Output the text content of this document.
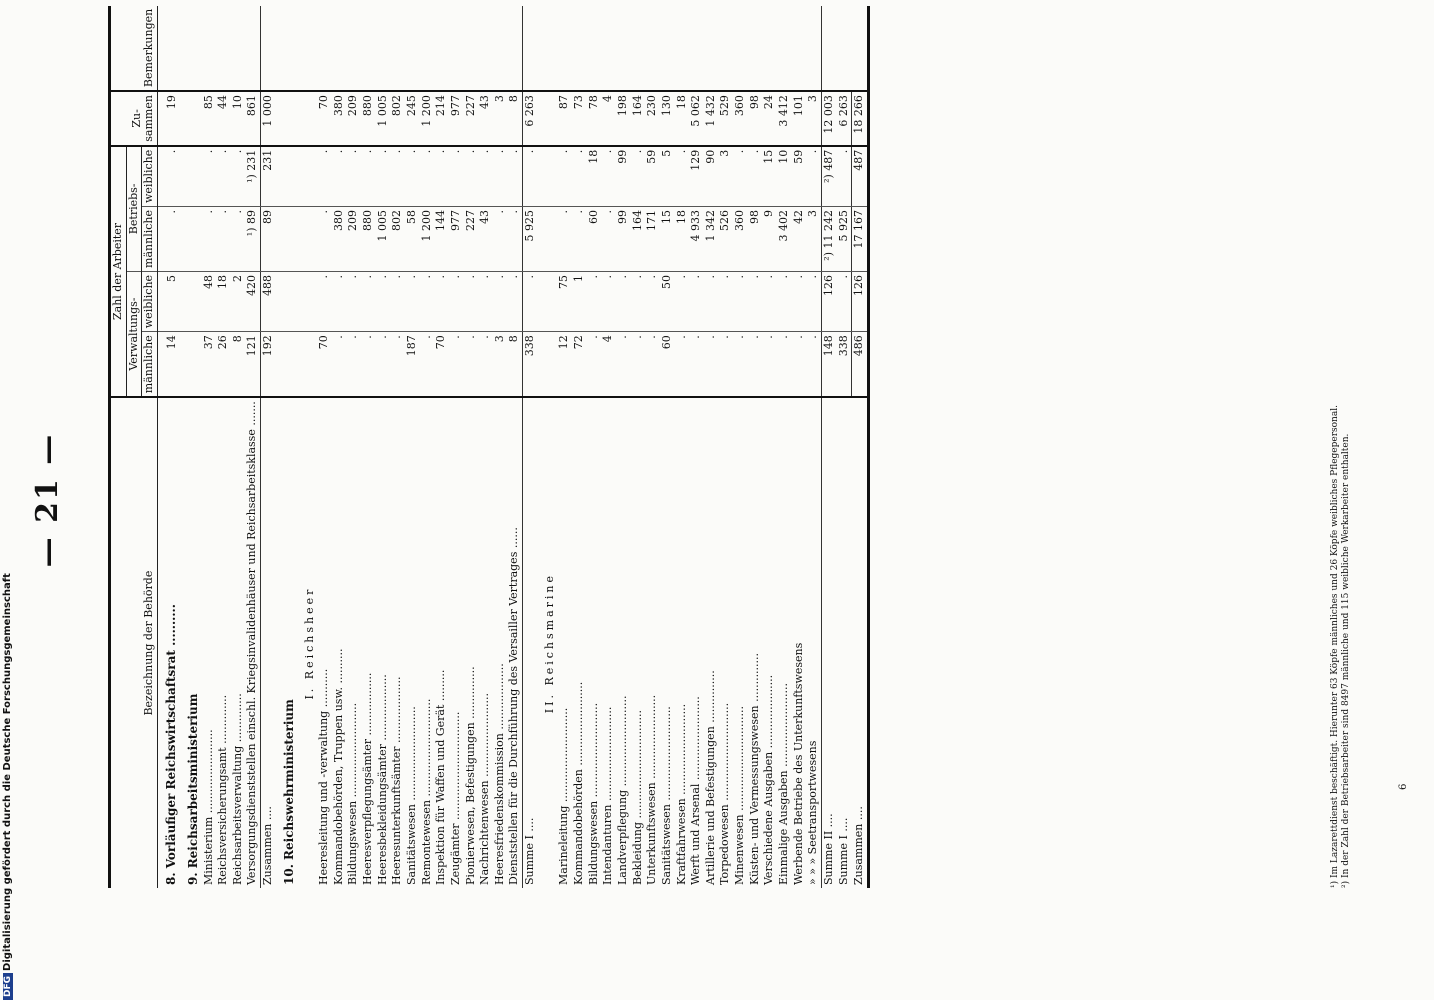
DFGDigitalisierung gefördert durch die Deutsche Forschungsgemeinschaft
— 21 —
Bezeichnung der Behörde	Zahl der Arbeiter				Zu-sammen	Bemerkungen
	Verwaltungs-		Betriebs-			
	männliche	weibliche	männliche	weibliche		
8. Vorläufiger Reichswirtschaftsrat ..........	14	5	.	.	19	
9. Reichsarbeitsministerium						
Ministerium ........................	37	48	.	.	85	
Reichsversicherungsamt ..............	26	18	.	.	44	
Reichsarbeitsverwaltung ..............	8	2	.	.	10	
Versorgungsdienststellen einschl. Kriegsinvalidenhäuser und Reichsarbeitsklasse .......	121	420	¹) 89	¹) 231	861	
Zusammen ....	192	488	89	231	1 000	
10. Reichswehrministerium						
I. Reichsheer						
Heeresleitung und -verwaltung ...........	70	.	.	.	70	
Kommandobehörden, Truppen usw. ..........	.	.	380	.	380	
Bildungswesen ...........................	.	.	209	.	209	
Heeresverpflegungsämter ..................	.	.	880	.	880	
Heeresbekleidungsämter ...................	.	.	1 005	.	1 005	
Heeresunterkunftsämter ...................	.	.	802	.	802	
Sanitätswesen ...........................	187	.	58	.	245	
Remontewesen ............................	.	.	1 200	.	1 200	
Inspektion für Waffen und Gerät .........	70	.	144	.	214	
Zeugämter ...............................	.	.	977	.	977	
Pionierwesen, Befestigungen ...............	.	.	227	.	227	
Nachrichtenwesen ........................	.	.	43	.	43	
Heeresfriedenskommission ...................	3	.	.	.	3	
Dienststellen für die Durchführung des Versailler Vertrages ......	8	.	.	.	8	
Summe I ....	338	.	5 925	.	6 263	
II. Reichsmarine						
Marineleitung ...........................	12	75	.	.	87	
Kommandobehörden ........................	72	1	.	.	73	
Bildungswesen ...........................	.	.	60	18	78	
Intendanturen ...........................	4	.	.	.	4	
Landverpflegung ..........................	.	.	99	99	198	
Bekleidung ...............................	.	.	164	.	164	
Unterkunftswesen ........................	.	.	171	59	230	
Sanitätswesen ...........................	60	50	15	5	130	
Kraftfahrwesen ..........................	.	.	18	.	18	
Werft und Arsenal ........................	.	.	4 933	129	5 062	
Artillerie und Befestigungen ...............	.	.	1 342	90	1 432	
Torpedowesen ............................	.	.	526	3	529	
Minenwesen ..............................	.	.	360	.	360	
Küsten- und Vermessungswesen ..............	.	.	98	.	98	
Verschiedene Ausgaben .....................	.	.	9	15	24	
Einmalige Ausgaben ........................	.	.	3 402	10	3 412	
Werbende Betriebe des Unterkunftswesens	.	.	42	59	101	
» » » Seetransportwesens	.	.	3	.	3	
Summe II ....	148	126	²) 11 242	²) 487	12 003	
Summe I ....	338	.	5 925	.	6 263	
Zusammen ....	486	126	17 167	487	18 266	
¹) Im Lazarettdienst beschäftigt. Hierunter 63 Köpfe männliches und 26 Köpfe weibliches Pflegepersonal. ²) In der Zahl der Betriebsarbeiter sind 8497 männliche und 115 weibliche Werkarbeiter enthalten.	6
